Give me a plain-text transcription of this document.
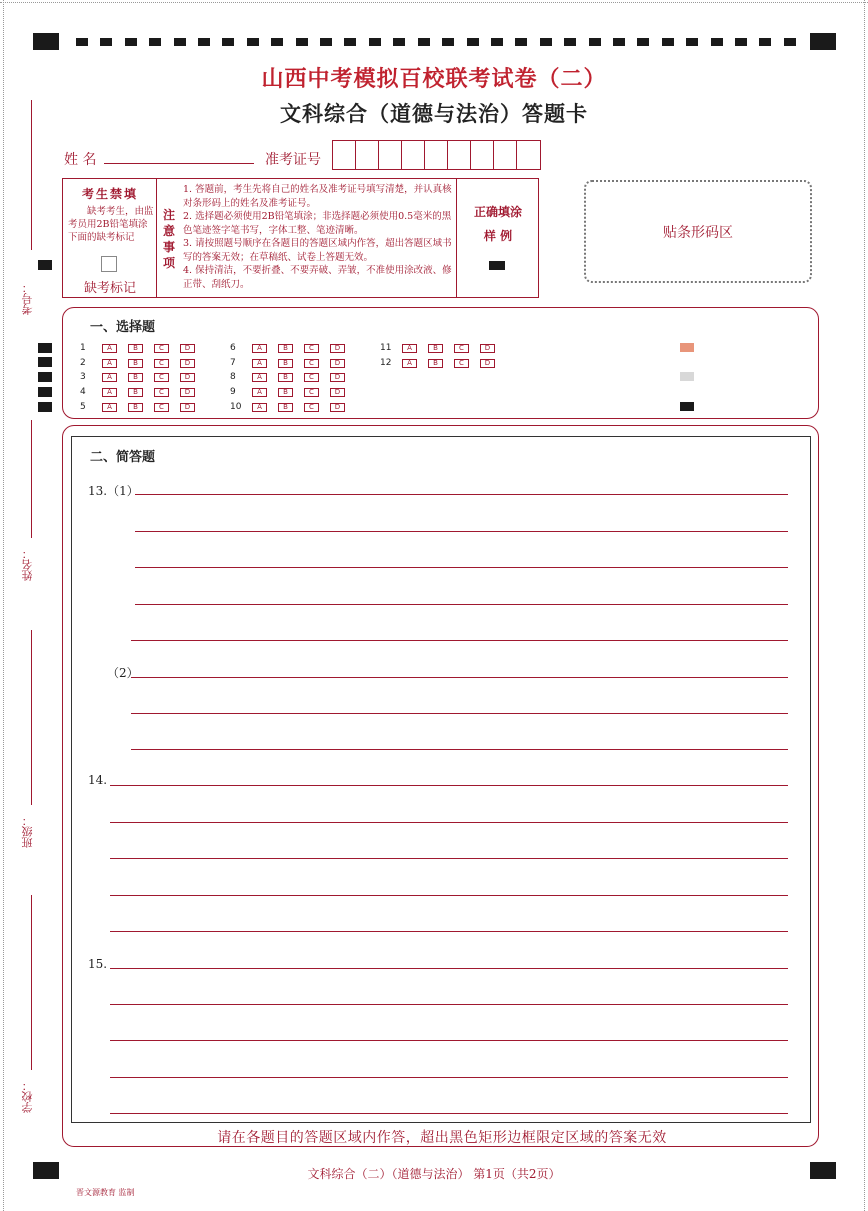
山西中考模拟百校联考试卷（二）
文科综合（道德与法治）答题卡
姓 名	准考证号
考生禁填
缺考考生，由监考员用2B铅笔填涂下面的缺考标记
缺考标记
注
意
事
项
1. 答题前，考生先将自己的姓名及准考证号填写清楚，并认真核对条形码上的姓名及准考证号。
2. 选择题必须使用2B铅笔填涂；非选择题必须使用0.5毫米的黑色笔迹签字笔书写，字体工整、笔迹清晰。
3. 请按照题号顺序在各题目的答题区域内作答，超出答题区域书写的答案无效；在草稿纸、试卷上答题无效。
4. 保持清洁，不要折叠、不要弄破、弄皱，不准使用涂改液、修正带、刮纸刀。
正确填涂
样 例	贴条形码区
考号：
姓名：
班级：
学校：
一、选择题
1	A	B	C	D
2	A	B	C	D
3	A	B	C	D
4	A	B	C	D
5	A	B	C	D
6	A	B	C	D
7	A	B	C	D
8	A	B	C	D
9	A	B	C	D
10	A	B	C	D
11	A	B	C	D
12	A	B	C	D
二、简答题
13.（1）
（2）
14.
15.
请在各题目的答题区域内作答，超出黑色矩形边框限定区域的答案无效
文科综合（二）（道德与法治） 第1页（共2页）
晋文源教育 监制
